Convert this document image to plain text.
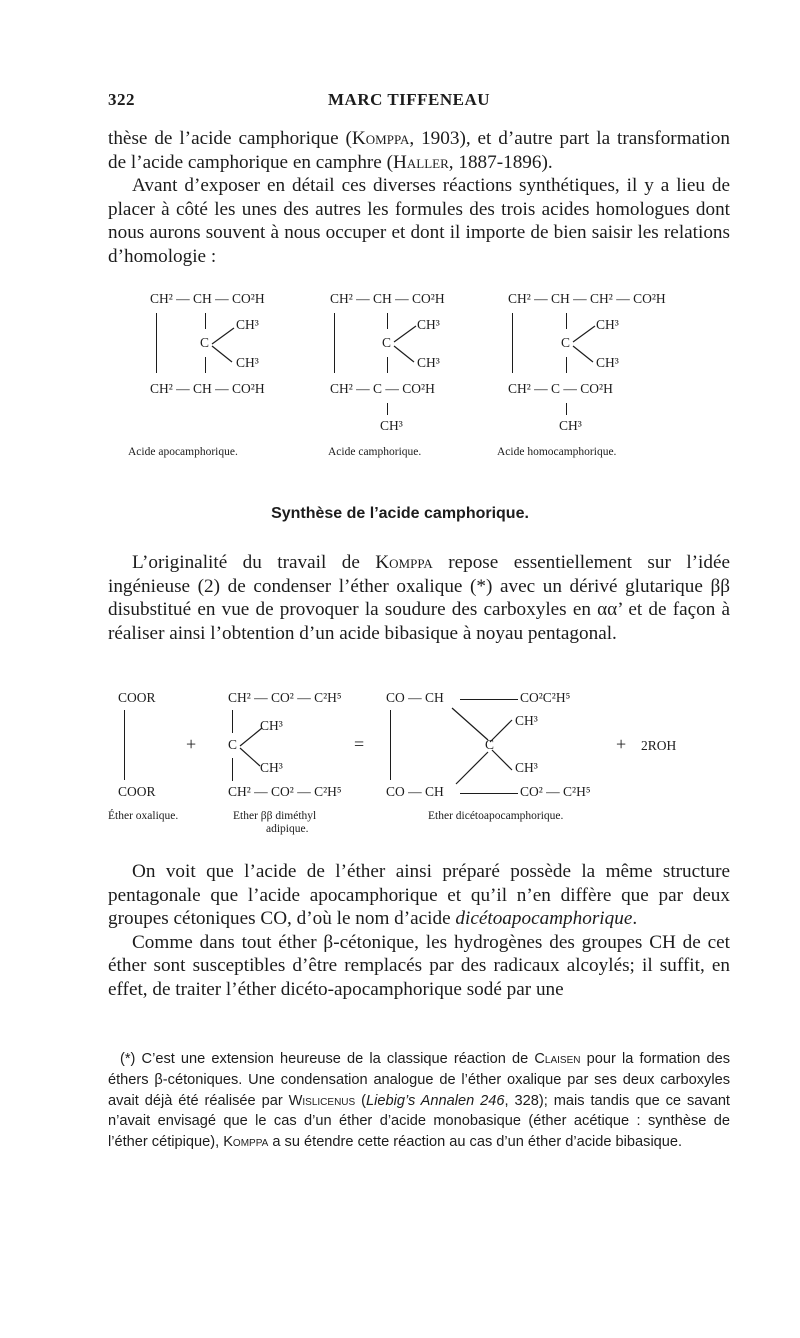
322	MARC TIFFENEAU

thèse de l’acide camphorique (Komppa, 1903), et d’autre part la transformation de l’acide camphorique en camphre (Haller, 1887-1896).

Avant d’exposer en détail ces diverses réactions synthétiques, il y a lieu de placer à côté les unes des autres les formules des trois acides homologues dont nous aurons souvent à nous occuper et dont il importe de bien saisir les relations d’homologie :

CH² — CH — CO²H
C
CH³
CH³
CH² — CH — CO²H
Acide apocamphorique.
CH² — CH — CO²H
C
CH³
CH³
CH² — C — CO²H
CH³
Acide camphorique.
CH² — CH — CH² — CO²H
C
CH³
CH³
CH² — C — CO²H
CH³
Acide homocamphorique.
Synthèse de l’acide camphorique.

L’originalité du travail de Komppa repose essentiellement sur l’idée ingénieuse (2) de condenser l’éther oxalique (*) avec un dérivé glutarique ββ disubstitué en vue de provoquer la soudure des carboxyles en αα’ et de façon à réaliser ainsi l’obtention d’un acide bibasique à noyau pentagonal.

COOR
COOR
+
CH² — CO² — C²H⁵
C
CH³
CH³
CH² — CO² — C²H⁵
=
CO — CH	CO²C²H⁵
C
CH³
CH³
CO — CH	CO² — C²H⁵
+ 2ROH
Éther oxalique.	Ether ββ diméthyl
adipique.
Ether dicétoapocamphorique.

On voit que l’acide de l’éther ainsi préparé possède la même structure pentagonale que l’acide apocamphorique et qu’il n’en diffère que par deux groupes cétoniques CO, d’où le nom d’acide dicétoapocamphorique.

Comme dans tout éther β-cétonique, les hydrogènes des groupes CH de cet éther sont susceptibles d’être remplacés par des radicaux alcoylés; il suffit, en effet, de traiter l’éther dicéto-apocamphorique sodé par une

(*) C’est une extension heureuse de la classique réaction de Claisen pour la formation des éthers β-cétoniques. Une condensation analogue de l’éther oxalique par ses deux carboxyles avait déjà été réalisée par Wislicenus (Liebig’s Annalen 246, 328); mais tandis que ce savant n’avait envisagé que le cas d’un éther d’acide monobasique (éther acétique : synthèse de l’éther cétipique), Komppa a su étendre cette réaction au cas d’un éther d’acide bibasique.
